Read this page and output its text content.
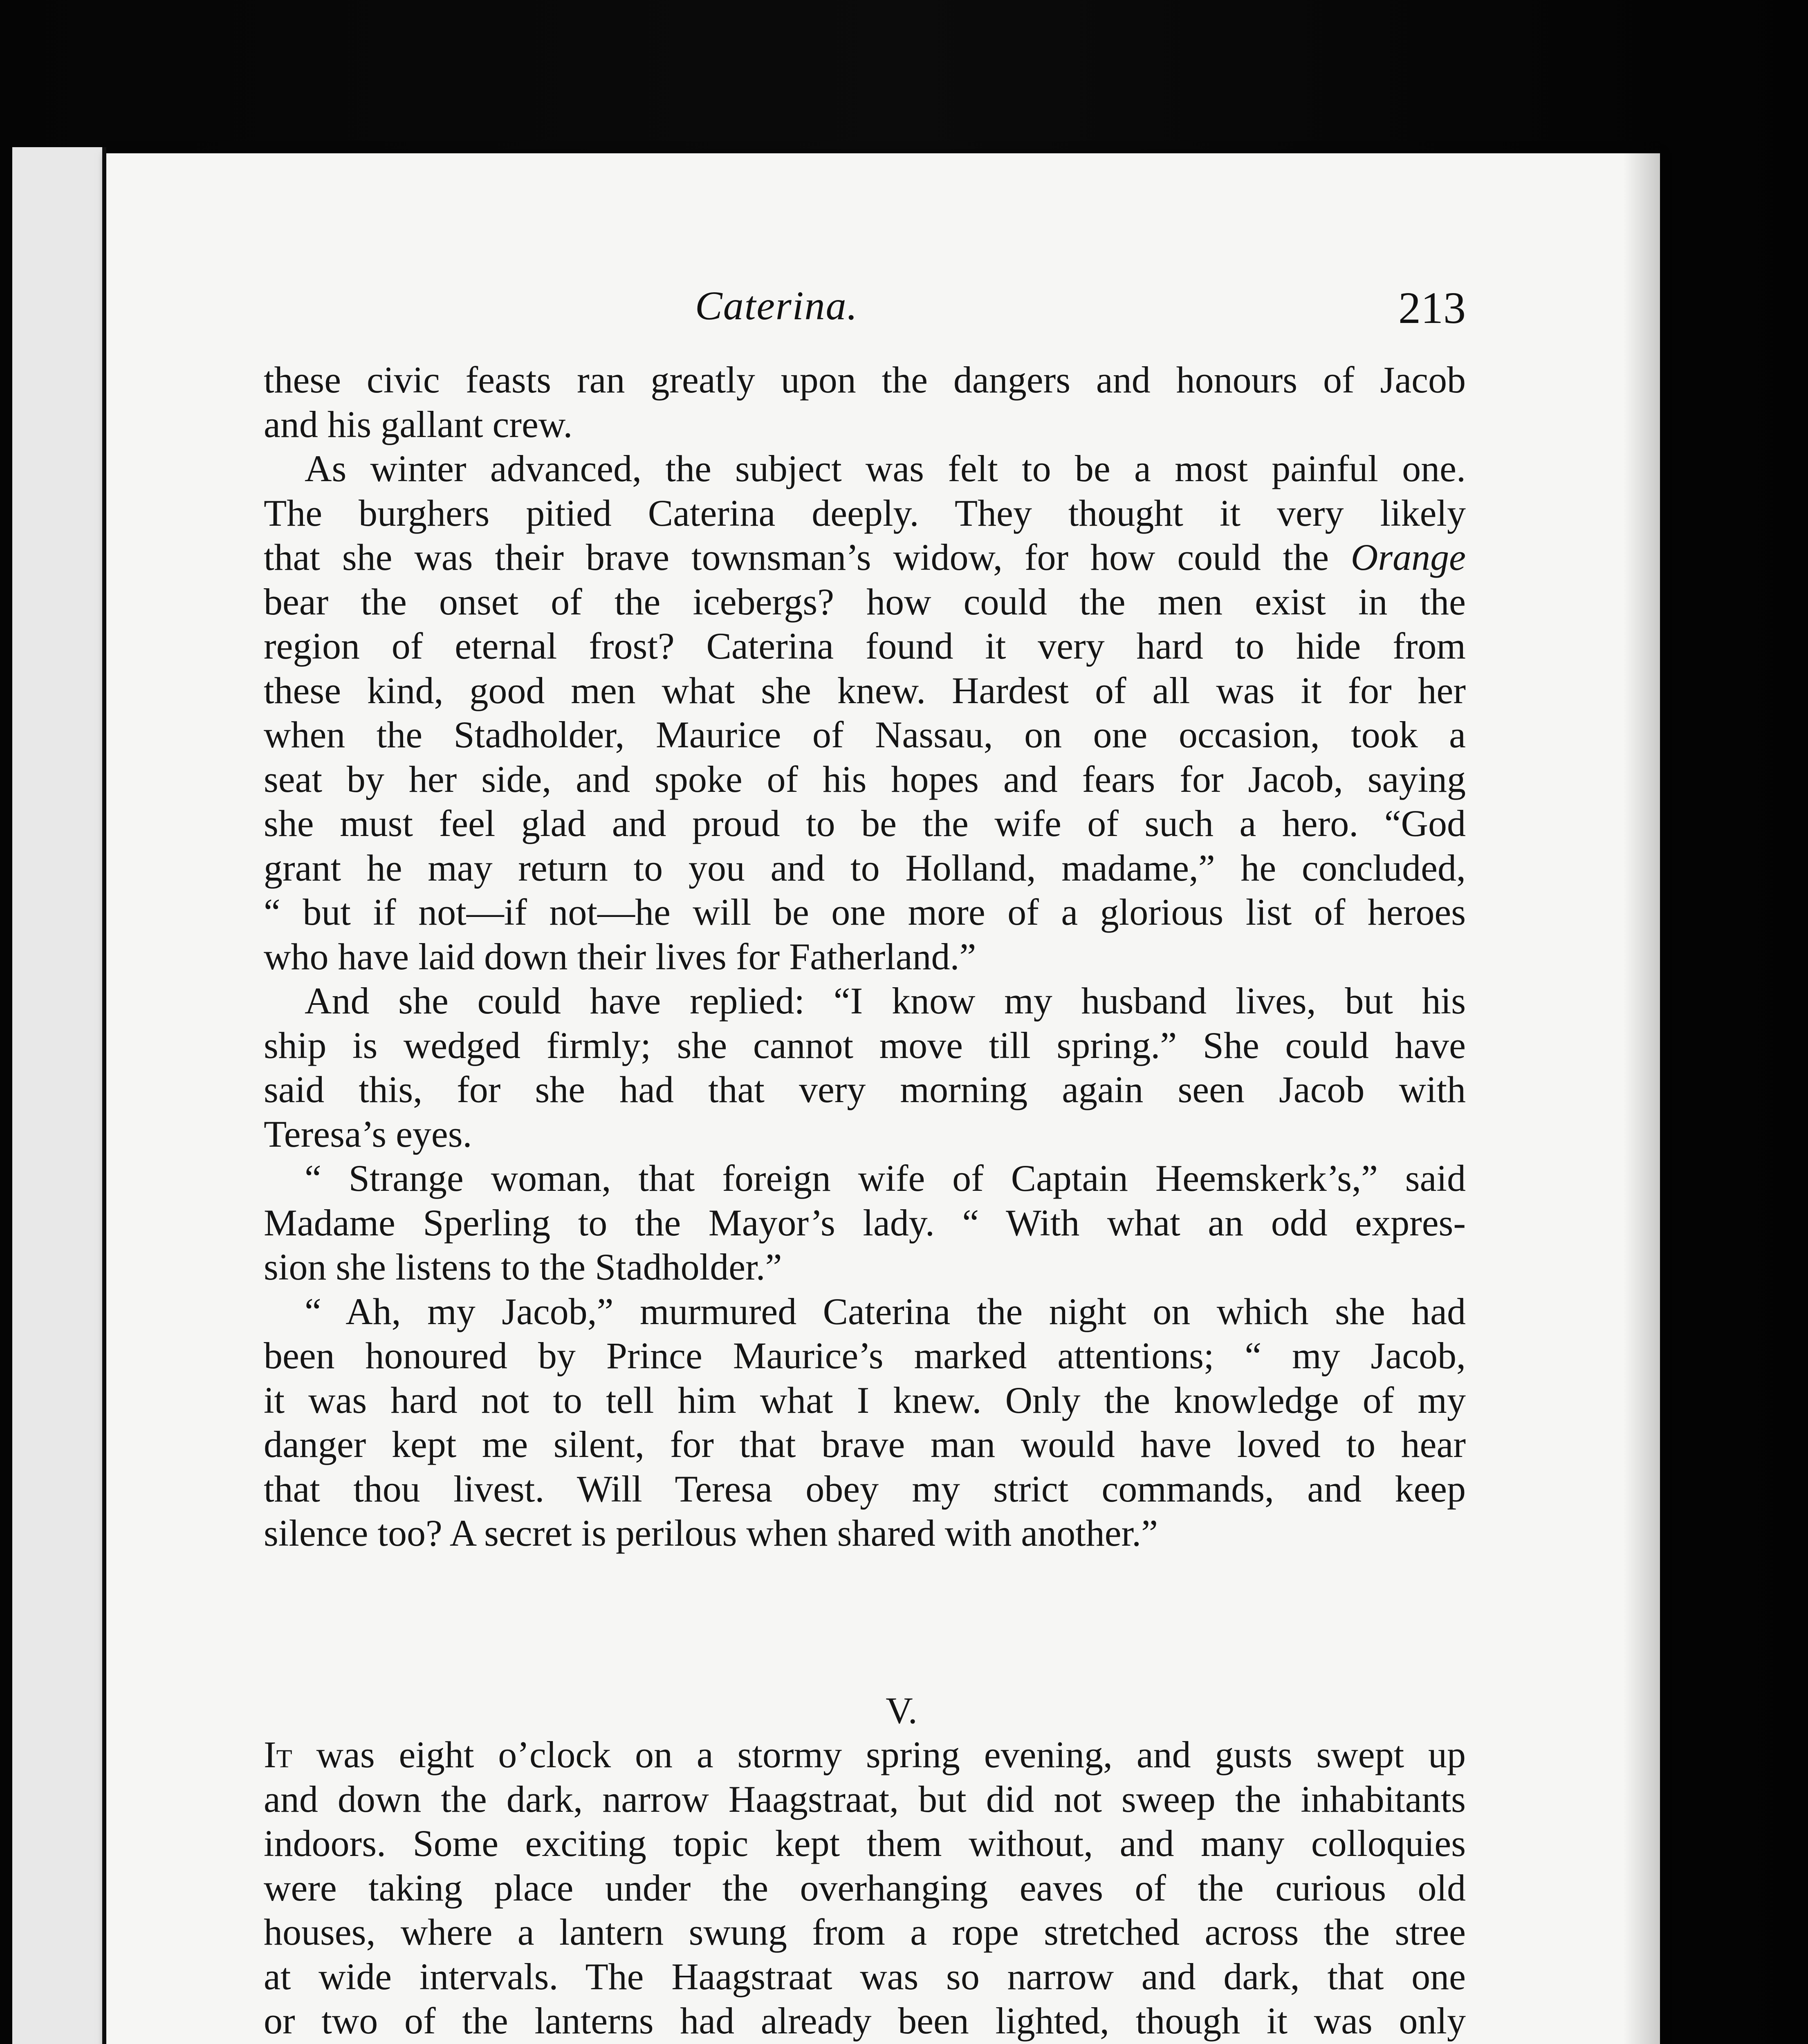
Caterina.	213
these civic feasts ran greatly upon the dangers and honours of Jacob
and his gallant crew.
As winter advanced, the subject was felt to be a most painful one.
The burghers pitied Caterina deeply. They thought it very likely
that she was their brave townsman’s widow, for how could the Orange
bear the onset of the icebergs? how could the men exist in the
region of eternal frost? Caterina found it very hard to hide from
these kind, good men what she knew. Hardest of all was it for her
when the Stadholder, Maurice of Nassau, on one occasion, took a
seat by her side, and spoke of his hopes and fears for Jacob, saying
she must feel glad and proud to be the wife of such a hero. “God
grant he may return to you and to Holland, madame,” he concluded,
“ but if not—if not—he will be one more of a glorious list of heroes
who have laid down their lives for Fatherland.”
And she could have replied: “I know my husband lives, but his
ship is wedged firmly; she cannot move till spring.” She could have
said this, for she had that very morning again seen Jacob with
Teresa’s eyes.
“ Strange woman, that foreign wife of Captain Heemskerk’s,” said
Madame Sperling to the Mayor’s lady. “ With what an odd expres-
sion she listens to the Stadholder.”
“ Ah, my Jacob,” murmured Caterina the night on which she had
been honoured by Prince Maurice’s marked attentions; “ my Jacob,
it was hard not to tell him what I knew. Only the knowledge of my
danger kept me silent, for that brave man would have loved to hear
that thou livest. Will Teresa obey my strict commands, and keep
silence too? A secret is perilous when shared with another.”
V.
It was eight o’clock on a stormy spring evening, and gusts swept up
and down the dark, narrow Haagstraat, but did not sweep the inhabitants
indoors. Some exciting topic kept them without, and many colloquies
were taking place under the overhanging eaves of the curious old
houses, where a lantern swung from a rope stretched across the stree
at wide intervals. The Haagstraat was so narrow and dark, that one
or two of the lanterns had already been lighted, though it was only
